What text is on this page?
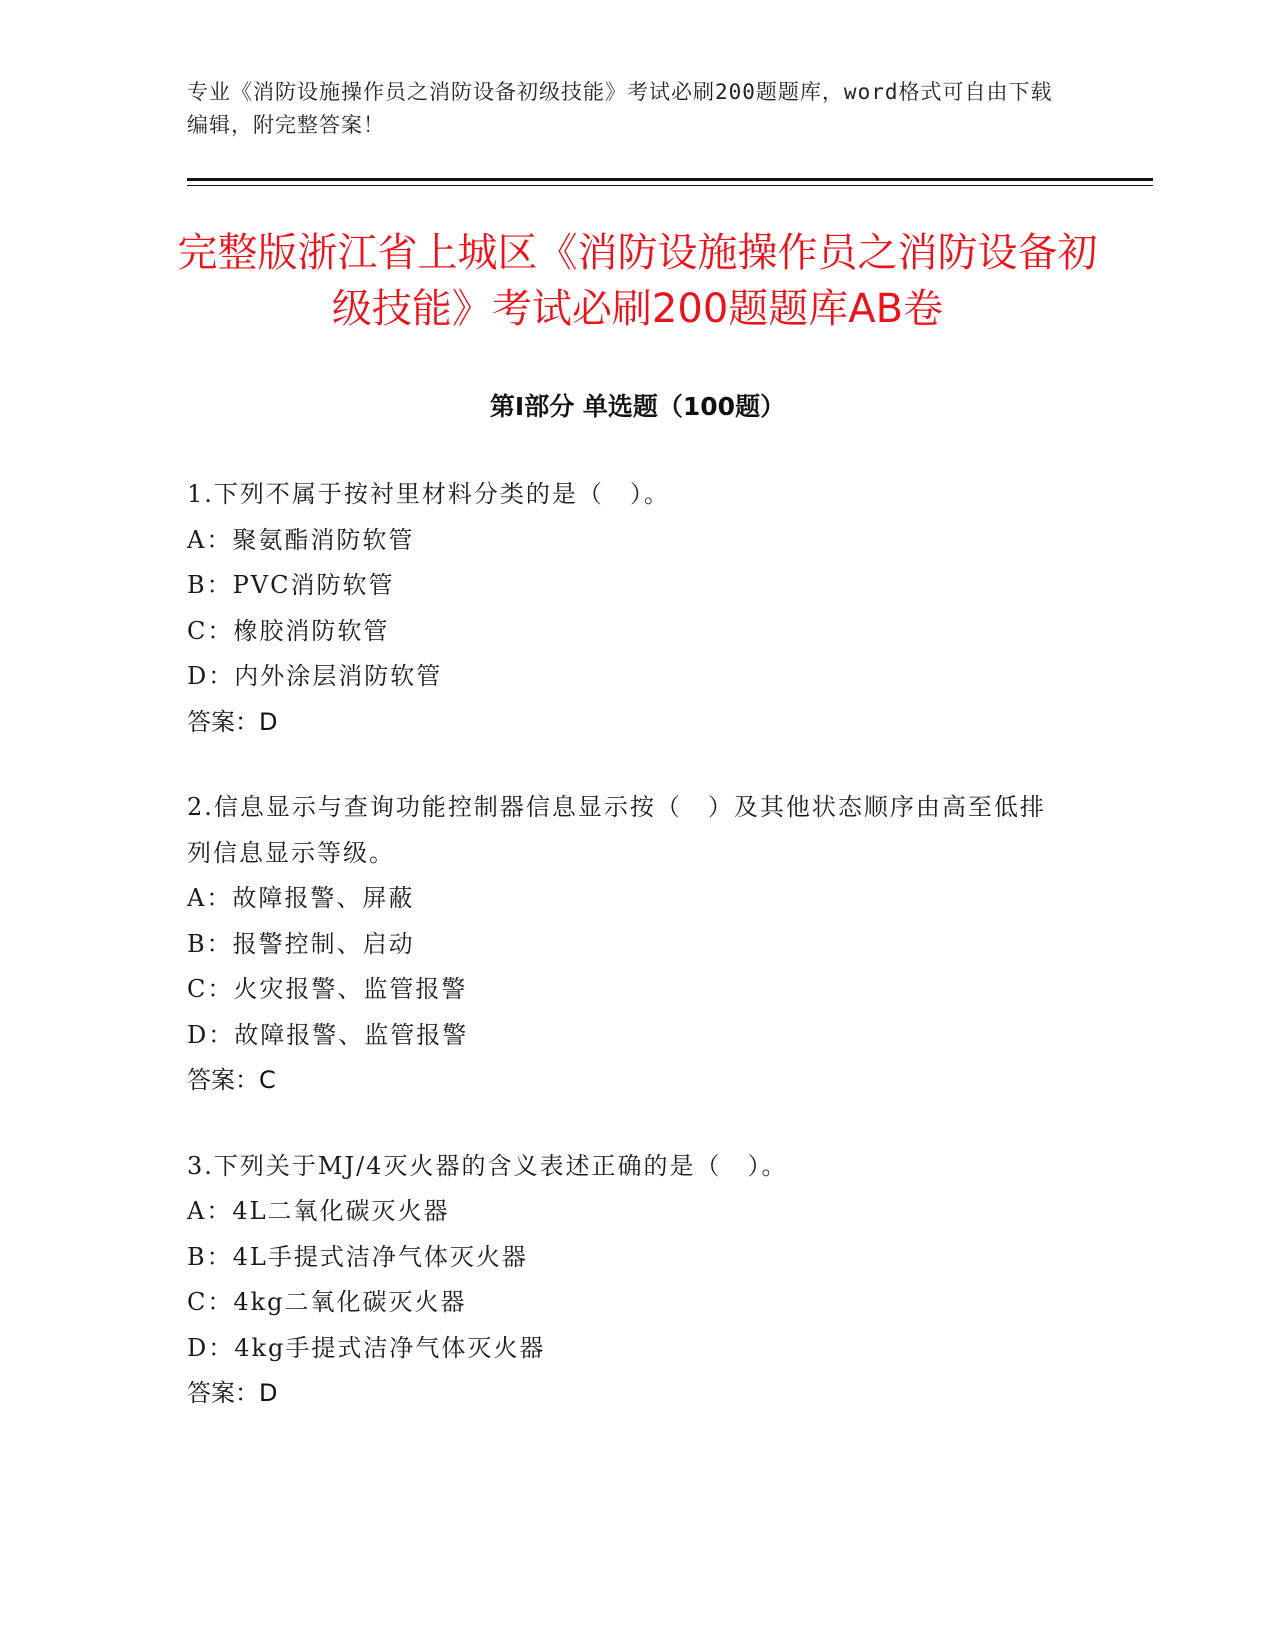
专业《消防设施操作员之消防设备初级技能》考试必刷200题题库，word格式可自由下载编辑，附完整答案！
完整版浙江省上城区《消防设施操作员之消防设备初级技能》考试必刷200题题库AB卷
第I部分 单选题（100题）

1.下列不属于按衬里材料分类的是（　）。

A：聚氨酯消防软管

B：PVC消防软管

C：橡胶消防软管

D：内外涂层消防软管

答案：D

2.信息显示与查询功能控制器信息显示按（　）及其他状态顺序由高至低排列信息显示等级。

A：故障报警、屏蔽

B：报警控制、启动

C：火灾报警、监管报警

D：故障报警、监管报警

答案：C

3.下列关于MJ/4灭火器的含义表述正确的是（　）。

A：4L二氧化碳灭火器

B：4L手提式洁净气体灭火器

C：4kg二氧化碳灭火器

D：4kg手提式洁净气体灭火器

答案：D
